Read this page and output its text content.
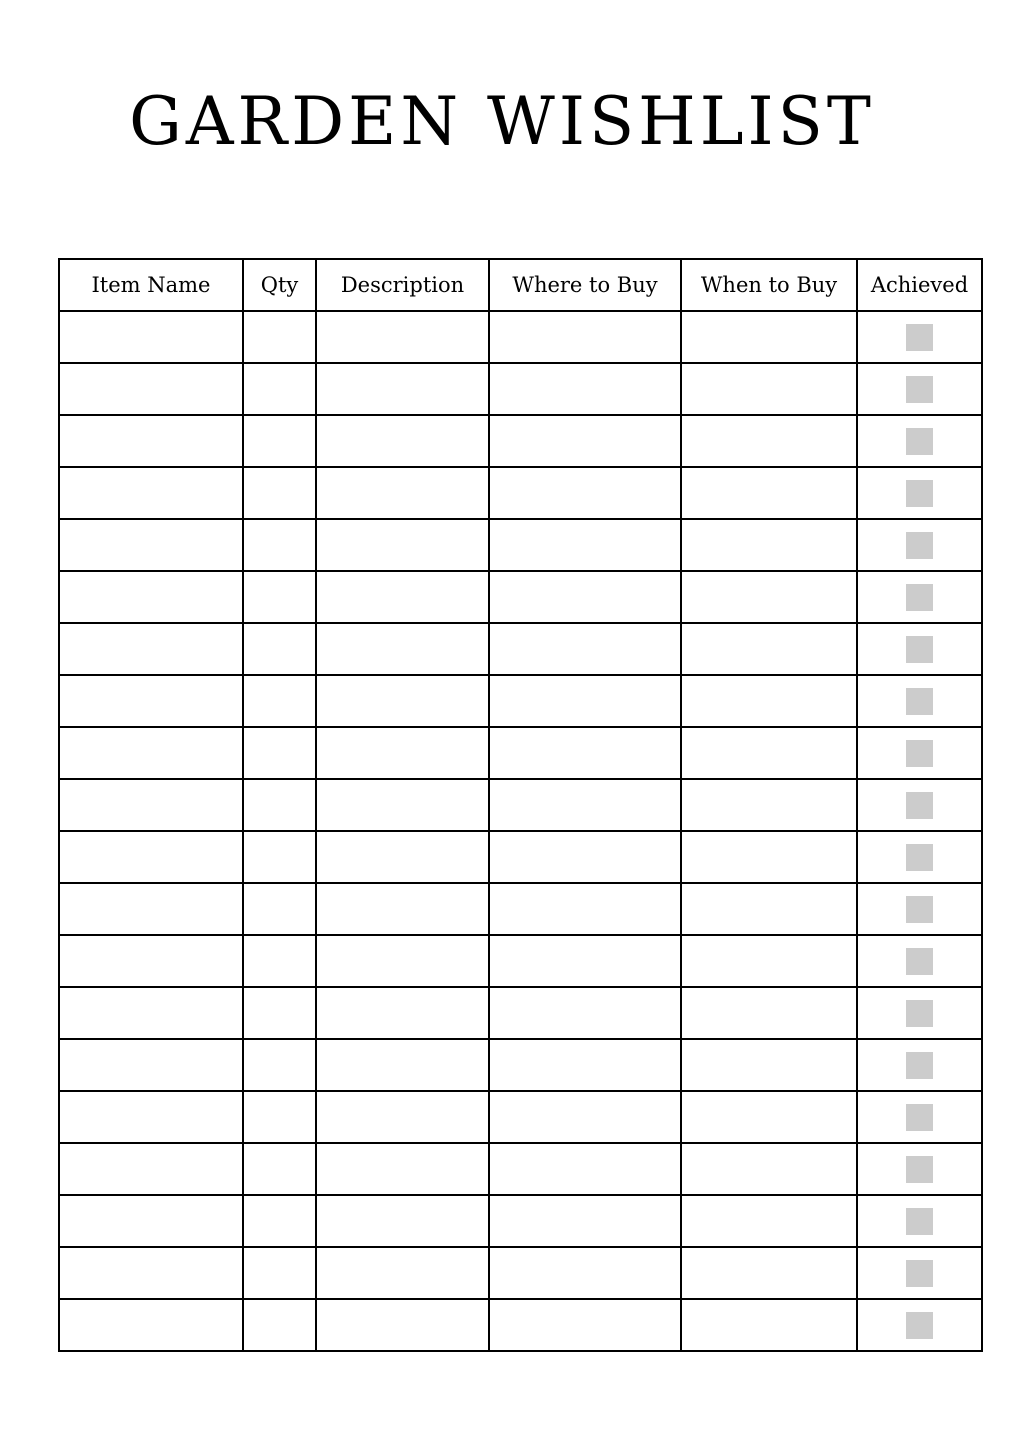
GARDEN WISHLIST
Item Name	Qty	Description	Where to Buy	When to Buy	Achieved
